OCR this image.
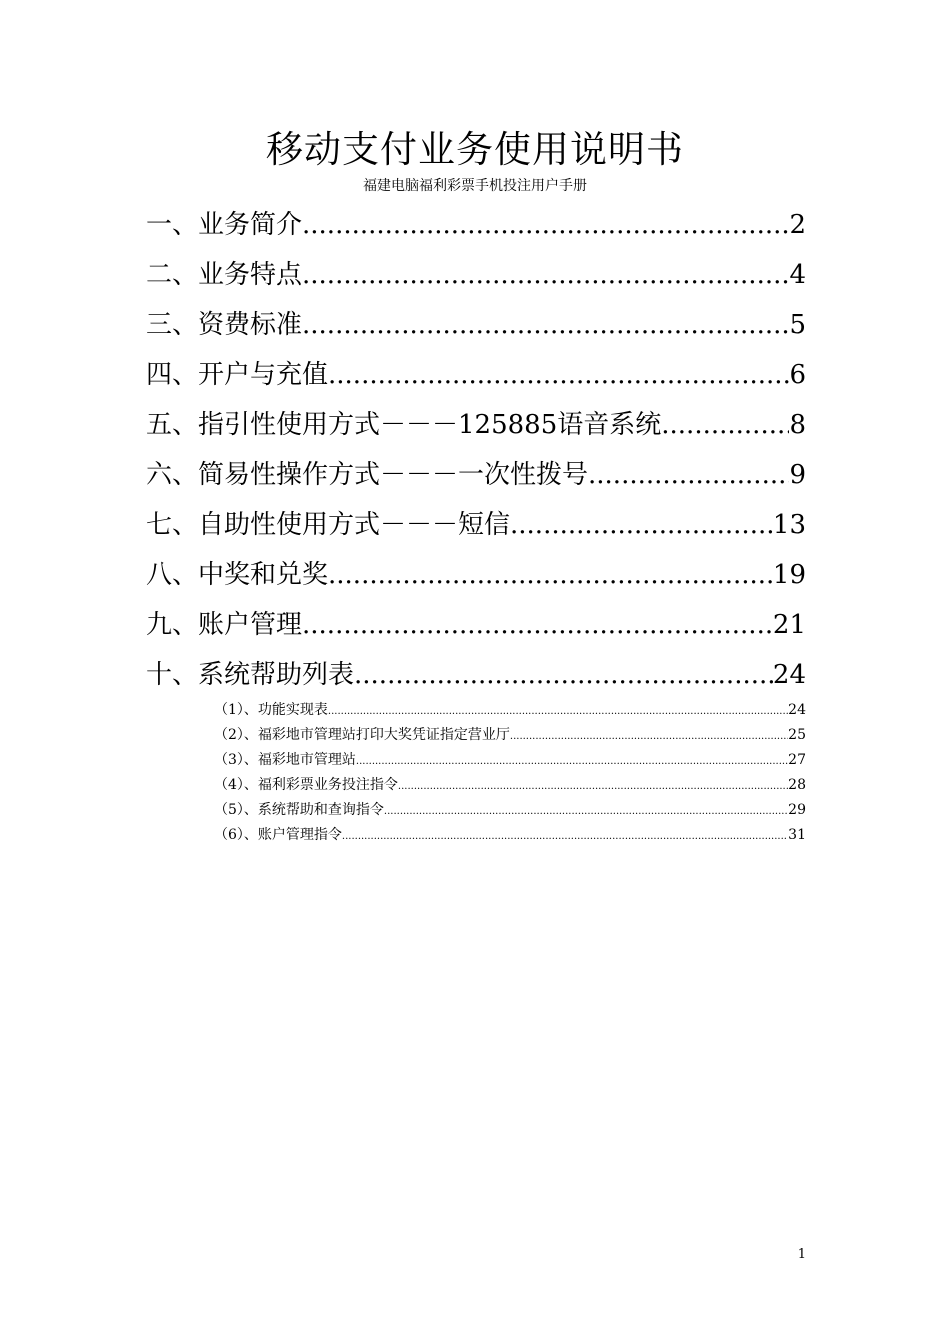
移动支付业务使用说明书
福建电脑福利彩票手机投注用户手册
一、业务简介 .....	2
二、业务特点 .....	4
三、资费标准 .....	5
四、开户与充值 .....	6
五、指引性使用方式－－－125885语音系统 .....	8
六、简易性操作方式－－－一次性拨号 .....	9
七、自助性使用方式－－－短信 .....	13
八、中奖和兑奖 .....	19
九、账户管理 .....	21
十、系统帮助列表 .....	24
（1）、功能实现表 .....	24
（2）、福彩地市管理站打印大奖凭证指定营业厅 .....	25
（3）、福彩地市管理站 .....	27
（4）、福利彩票业务投注指令 .....	28
（5）、系统帮助和查询指令 .....	29
（6）、账户管理指令 .....	31
1
